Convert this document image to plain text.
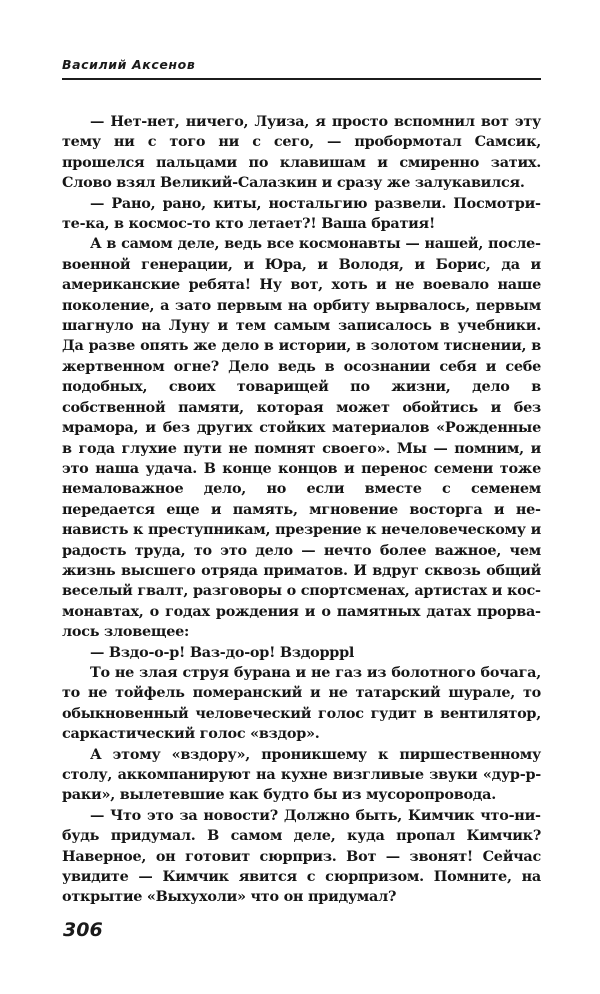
Василий Аксенов

— Нет-нет, ничего, Луиза, я просто вспомнил вот эту тему ни с того ни с сего, — пробормотал Самсик, прошелся пальцами по клавишам и смиренно затих. Слово взял Великий-Салазкин и сразу же залукавился.

— Рано, рано, киты, ностальгию развели. Посмотрите-ка, в космос-то кто летает?! Ваша братия!

А в самом деле, ведь все космонавты — нашей, послевоенной генерации, и Юра, и Володя, и Борис, да и американские ребята! Ну вот, хоть и не воевало наше поколение, а зато первым на орбиту вырвалось, первым шагнуло на Луну и тем самым записалось в учебники. Да разве опять же дело в истории, в золотом тиснении, в жертвенном огне? Дело ведь в осознании себя и себе подобных, своих товарищей по жизни, дело в собственной памяти, которая может обойтись и без мрамора, и без других стойких материалов «Рожденные в года глухие пути не помнят своего». Мы — помним, и это наша удача. В конце концов и перенос семени тоже немаловажное дело, но если вместе с семенем передается еще и память, мгновение восторга и ненависть к преступникам, презрение к нечеловеческому и радость труда, то это дело — нечто более важное, чем жизнь высшего отряда приматов. И вдруг сквозь общий веселый гвалт, разговоры о спортсменах, артистах и космонавтах, о годах рождения и о памятных датах прорвалось зловещее:

— Вздо-о-р! Ваз-до-ор! Вздорррl

То не злая струя бурана и не газ из болотного бочага, то не тойфель померанский и не татарский шурале, то обыкновенный человеческий голос гудит в вентилятор, саркастический голос «вздор».

А этому «вздору», проникшему к пиршественному столу, аккомпанируют на кухне визгливые звуки «дур-р-раки», вылетевшие как будто бы из мусоропровода.

— Что это за новости? Должно быть, Кимчик что-нибудь придумал. В самом деле, куда пропал Кимчик? Наверное, он готовит сюрприз. Вот — звонят! Сейчас увидите — Кимчик явится с сюрпризом. Помните, на открытие «Выхухоли» что он придумал?

306
